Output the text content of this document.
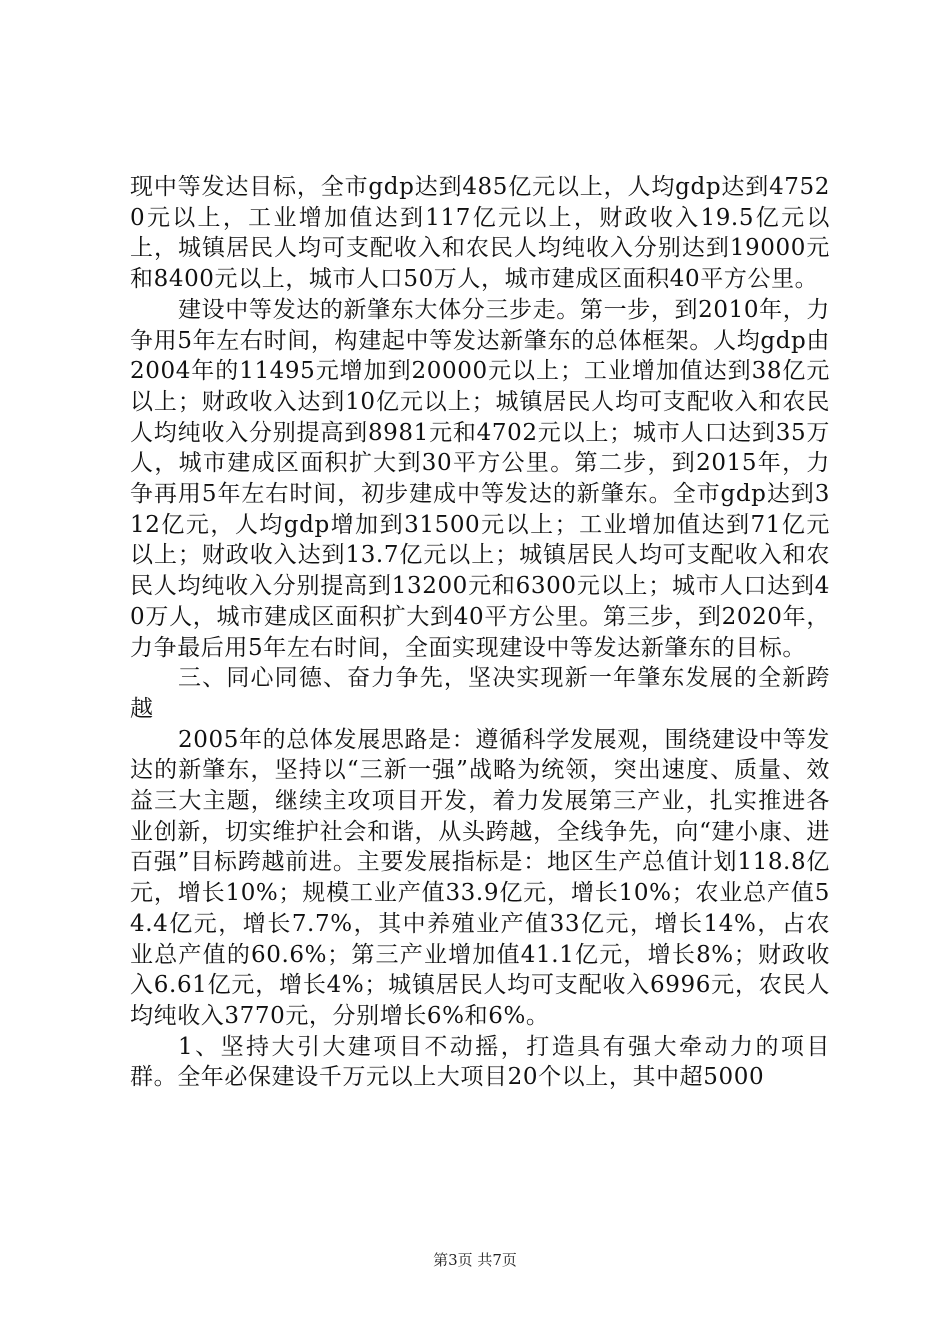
现中等发达目标，全市gdp达到485亿元以上，人均gdp达到47520元以上，工业增加值达到117亿元以上，财政收入19.5亿元以上，城镇居民人均可支配收入和农民人均纯收入分别达到19000元和8400元以上，城市人口50万人，城市建成区面积40平方公里。

建设中等发达的新肇东大体分三步走。第一步，到2010年，力争用5年左右时间，构建起中等发达新肇东的总体框架。人均gdp由2004年的11495元增加到20000元以上；工业增加值达到38亿元以上；财政收入达到10亿元以上；城镇居民人均可支配收入和农民人均纯收入分别提高到8981元和4702元以上；城市人口达到35万人，城市建成区面积扩大到30平方公里。第二步，到2015年，力争再用5年左右时间，初步建成中等发达的新肇东。全市gdp达到312亿元，人均gdp增加到31500元以上；工业增加值达到71亿元以上；财政收入达到13.7亿元以上；城镇居民人均可支配收入和农民人均纯收入分别提高到13200元和6300元以上；城市人口达到40万人，城市建成区面积扩大到40平方公里。第三步，到2020年，力争最后用5年左右时间，全面实现建设中等发达新肇东的目标。

三、同心同德、奋力争先，坚决实现新一年肇东发展的全新跨越

2005年的总体发展思路是：遵循科学发展观，围绕建设中等发达的新肇东，坚持以“三新一强”战略为统领，突出速度、质量、效益三大主题，继续主攻项目开发，着力发展第三产业，扎实推进各业创新，切实维护社会和谐，从头跨越，全线争先，向“建小康、进百强”目标跨越前进。主要发展指标是：地区生产总值计划118.8亿元，增长10%；规模工业产值33.9亿元，增长10%；农业总产值54.4亿元，增长7.7%，其中养殖业产值33亿元，增长14%，占农业总产值的60.6%；第三产业增加值41.1亿元，增长8%；财政收入6.61亿元，增长4%；城镇居民人均可支配收入6996元，农民人均纯收入3770元，分别增长6%和6%。

1、坚持大引大建项目不动摇，打造具有强大牵动力的项目群。全年必保建设千万元以上大项目20个以上，其中超5000

第3页 共7页
